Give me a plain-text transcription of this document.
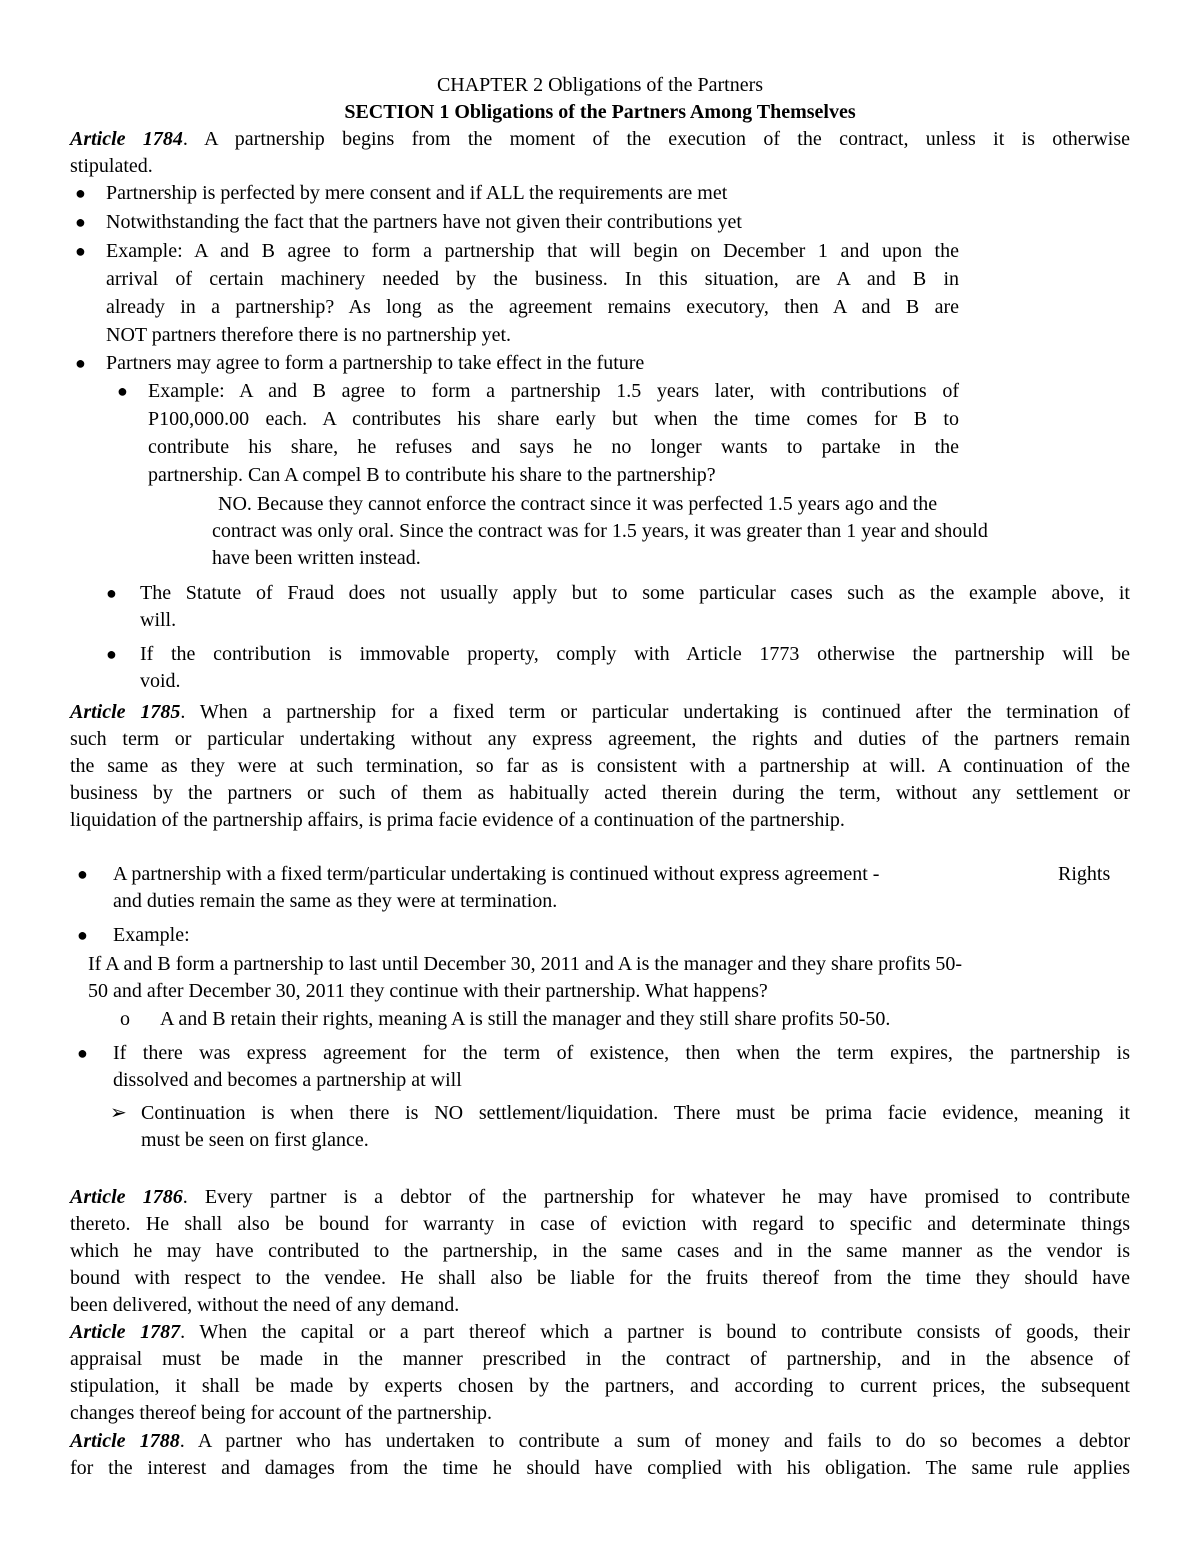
CHAPTER 2 Obligations of the Partners
SECTION 1 Obligations of the Partners Among Themselves
Article 1784. A partnership begins from the moment of the execution of the contract, unless it is otherwise
stipulated.
● Partnership is perfected by mere consent and if ALL the requirements are met
● Notwithstanding the fact that the partners have not given their contributions yet
● Example: A and B agree to form a partnership that will begin on December 1 and upon the
arrival of certain machinery needed by the business. In this situation, are A and B in
already in a partnership? As long as the agreement remains executory, then A and B are
NOT partners therefore there is no partnership yet.
● Partners may agree to form a partnership to take effect in the future
● Example: A and B agree to form a partnership 1.5 years later, with contributions of
P100,000.00 each. A contributes his share early but when the time comes for B to
contribute his share, he refuses and says he no longer wants to partake in the
partnership. Can A compel B to contribute his share to the partnership?
NO. Because they cannot enforce the contract since it was perfected 1.5 years ago and the
contract was only oral. Since the contract was for 1.5 years, it was greater than 1 year and should
have been written instead.
● The Statute of Fraud does not usually apply but to some particular cases such as the example above, it
will.
● If the contribution is immovable property, comply with Article 1773 otherwise the partnership will be
void.
Article 1785. When a partnership for a fixed term or particular undertaking is continued after the termination of
such term or particular undertaking without any express agreement, the rights and duties of the partners remain
the same as they were at such termination, so far as is consistent with a partnership at will. A continuation of the
business by the partners or such of them as habitually acted therein during the term, without any settlement or
liquidation of the partnership affairs, is prima facie evidence of a continuation of the partnership.
● A partnership with a fixed term/particular undertaking is continued without express agreement -	Rights
and duties remain the same as they were at termination.
● Example:
If A and B form a partnership to last until December 30, 2011 and A is the manager and they share profits 50-
50 and after December 30, 2011 they continue with their partnership. What happens?
o A and B retain their rights, meaning A is still the manager and they still share profits 50-50.
● If there was express agreement for the term of existence, then when the term expires, the partnership is
dissolved and becomes a partnership at will
➢ Continuation is when there is NO settlement/liquidation. There must be prima facie evidence, meaning it
must be seen on first glance.
Article 1786. Every partner is a debtor of the partnership for whatever he may have promised to contribute
thereto. He shall also be bound for warranty in case of eviction with regard to specific and determinate things
which he may have contributed to the partnership, in the same cases and in the same manner as the vendor is
bound with respect to the vendee. He shall also be liable for the fruits thereof from the time they should have
been delivered, without the need of any demand.
Article 1787. When the capital or a part thereof which a partner is bound to contribute consists of goods, their
appraisal must be made in the manner prescribed in the contract of partnership, and in the absence of
stipulation, it shall be made by experts chosen by the partners, and according to current prices, the subsequent
changes thereof being for account of the partnership.
Article 1788. A partner who has undertaken to contribute a sum of money and fails to do so becomes a debtor
for the interest and damages from the time he should have complied with his obligation. The same rule applies
